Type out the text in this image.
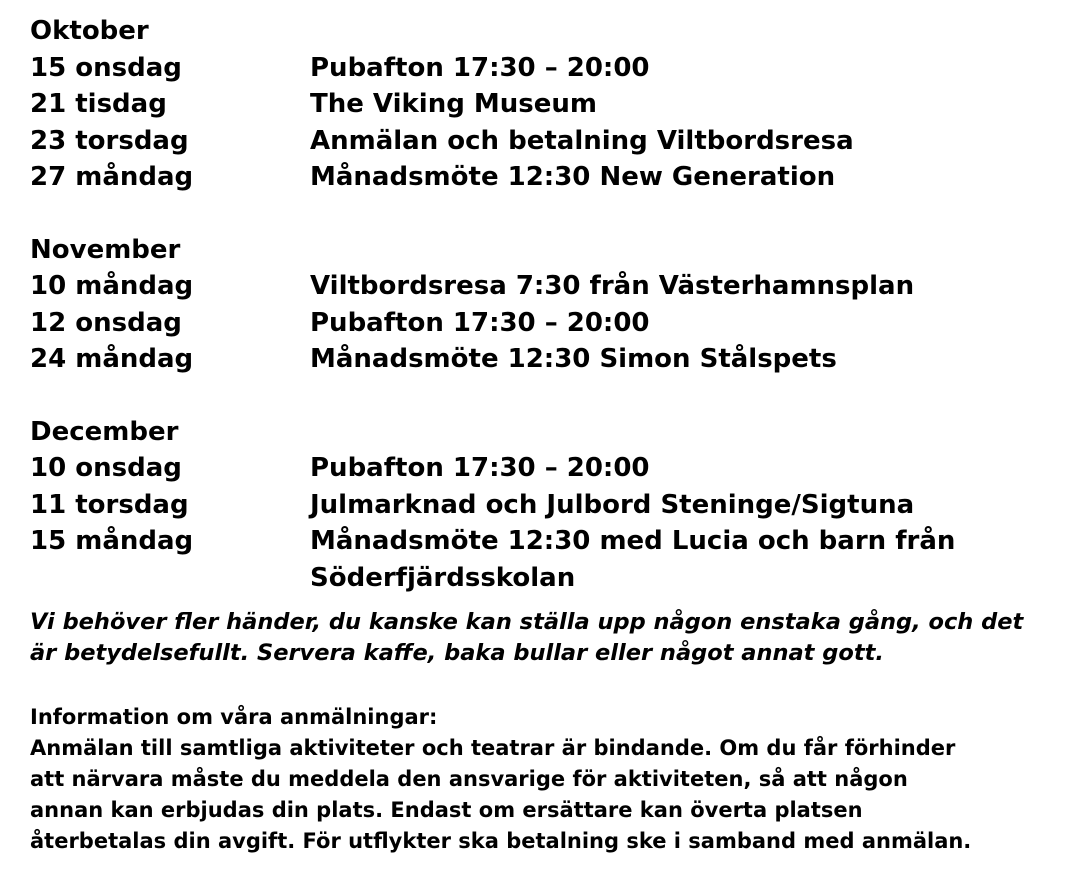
Oktober
15 onsdag	Pubafton 17:30 – 20:00
21 tisdag	The Viking Museum
23 torsdag	Anmälan och betalning Viltbordsresa
27 måndag	Månadsmöte 12:30 New Generation
November
10 måndag	Viltbordsresa 7:30 från Västerhamnsplan
12 onsdag	Pubafton 17:30 – 20:00
24 måndag	Månadsmöte 12:30 Simon Stålspets
December
10 onsdag	Pubafton 17:30 – 20:00
11 torsdag	Julmarknad och Julbord Steninge/Sigtuna
15 måndag	Månadsmöte 12:30 med Lucia och barn från Söderfjärdsskolan
Vi behöver fler händer, du kanske kan ställa upp någon enstaka gång, och det
är betydelsefullt. Servera kaffe, baka bullar eller något annat gott.
Information om våra anmälningar:
Anmälan till samtliga aktiviteter och teatrar är bindande. Om du får förhinder
att närvara måste du meddela den ansvarige för aktiviteten, så att någon
annan kan erbjudas din plats. Endast om ersättare kan överta platsen
återbetalas din avgift. För utflykter ska betalning ske i samband med anmälan.
